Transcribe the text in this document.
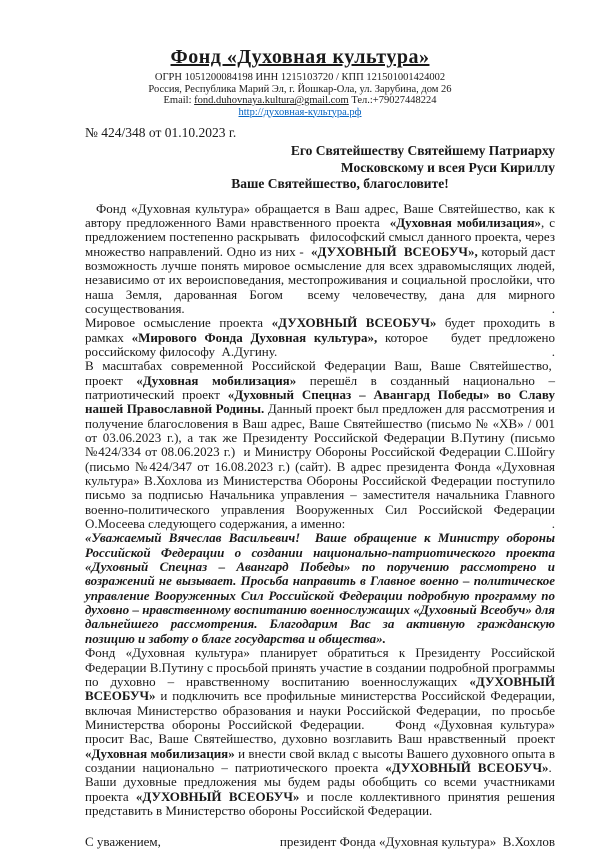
Фонд «Духовная культура»
ОГРН 1051200084198 ИНН 1215103720 / КПП 121501001424002
Россия, Республика Марий Эл, г. Йошкар-Ола, ул. Зарубина, дом 26
Email: fond.duhovnaya.kultura@gmail.com Тел.:+79027448224
http://духовная-культура.рф
№ 424/348 от 01.10.2023 г.
Его Святейшеству Святейшему Патриарху
Московскому и всея Руси Кириллу
Ваше Святейшество, благословите!

Фонд «Духовная культура» обращается в Ваш адрес, Ваше Святейшество, как к автору предложенного Вами нравственного проекта  «Духовная мобилизация», с предложением постепенно раскрывать   философский смысл данного проекта, через множество направлений. Одно из них -  «ДУХОВНЫЙ  ВСЕОБУЧ», который даст возможность лучше понять мировое осмысление для всех здравомыслящих людей, независимо от их вероисповедания, местопроживания и социальной прослойки, что наша Земля, дарованная Богом  всему человечеству, дана для мирного сосуществования.	.

Мировое осмысление проекта «ДУХОВНЫЙ ВСЕОБУЧ» будет проходить в рамках «Мирового Фонда Духовная культура», которое   будет предложено российскому философу  А.Дугину.	.

В масштабах современной Российской Федерации Ваш, Ваше Святейшество,  проект «Духовная мобилизация» перешёл в созданный национально – патриотический проект «Духовный Спецназ – Авангард Победы» во Славу нашей Православной Родины. Данный проект был предложен для рассмотрения и получение благословения в Ваш адрес, Ваше Святейшество (письмо № «ХВ» / 001 от 03.06.2023 г.), а так же Президенту Российской Федерации В.Путину (письмо №424/334 от 08.06.2023 г.)  и Министру Обороны Российской Федерации С.Шойгу (письмо №424/347 от 16.08.2023 г.) (сайт). В адрес президента Фонда «Духовная культура» В.Хохлова из Министерства Обороны Российской Федерации поступило письмо за подписью Начальника управления – заместителя начальника Главного военно-политического управления Вооруженных Сил Российской Федерации О.Мосеева следующего содержания, а именно:	.

«Уважаемый Вячеслав Васильевич!  Ваше обращение к Министру обороны Российской Федерации о создании национально-патриотического проекта «Духовный Спецназ – Авангард Победы» по поручению рассмотрено и возражений не вызывает. Просьба направить в Главное военно – политическое управление Вооруженных Сил Российской Федерации подробную программу по духовно – нравственному воспитанию военнослужащих «Духовный Всеобуч» для дальнейшего рассмотрения. Благодарим Вас за активную гражданскую позицию и заботу о благе государства и общества».

Фонд «Духовная культура» планирует обратиться к Президенту Российской Федерации В.Путину с просьбой принять участие в создании подробной программы по духовно – нравственному воспитанию военнослужащих «ДУХОВНЫЙ ВСЕОБУЧ» и подключить все профильные министерства Российской Федерации, включая Министерство образования и науки Российской Федерации,  по просьбе Министерства обороны Российской Федерации.    Фонд «Духовная культура» просит Вас, Ваше Святейшество, духовно возглавить Ваш нравственный  проект «Духовная мобилизация» и внести свой вклад с высоты Вашего духовного опыта в создании национально – патриотического проекта «ДУХОВНЫЙ ВСЕОБУЧ».  Ваши духовные предложения мы будем рады обобщить со всеми участниками проекта «ДУХОВНЫЙ ВСЕОБУЧ» и после коллективного принятия решения представить в Министерство обороны Российской Федерации.

С уважением,	президент Фонда «Духовная культура»  В.Хохлов
